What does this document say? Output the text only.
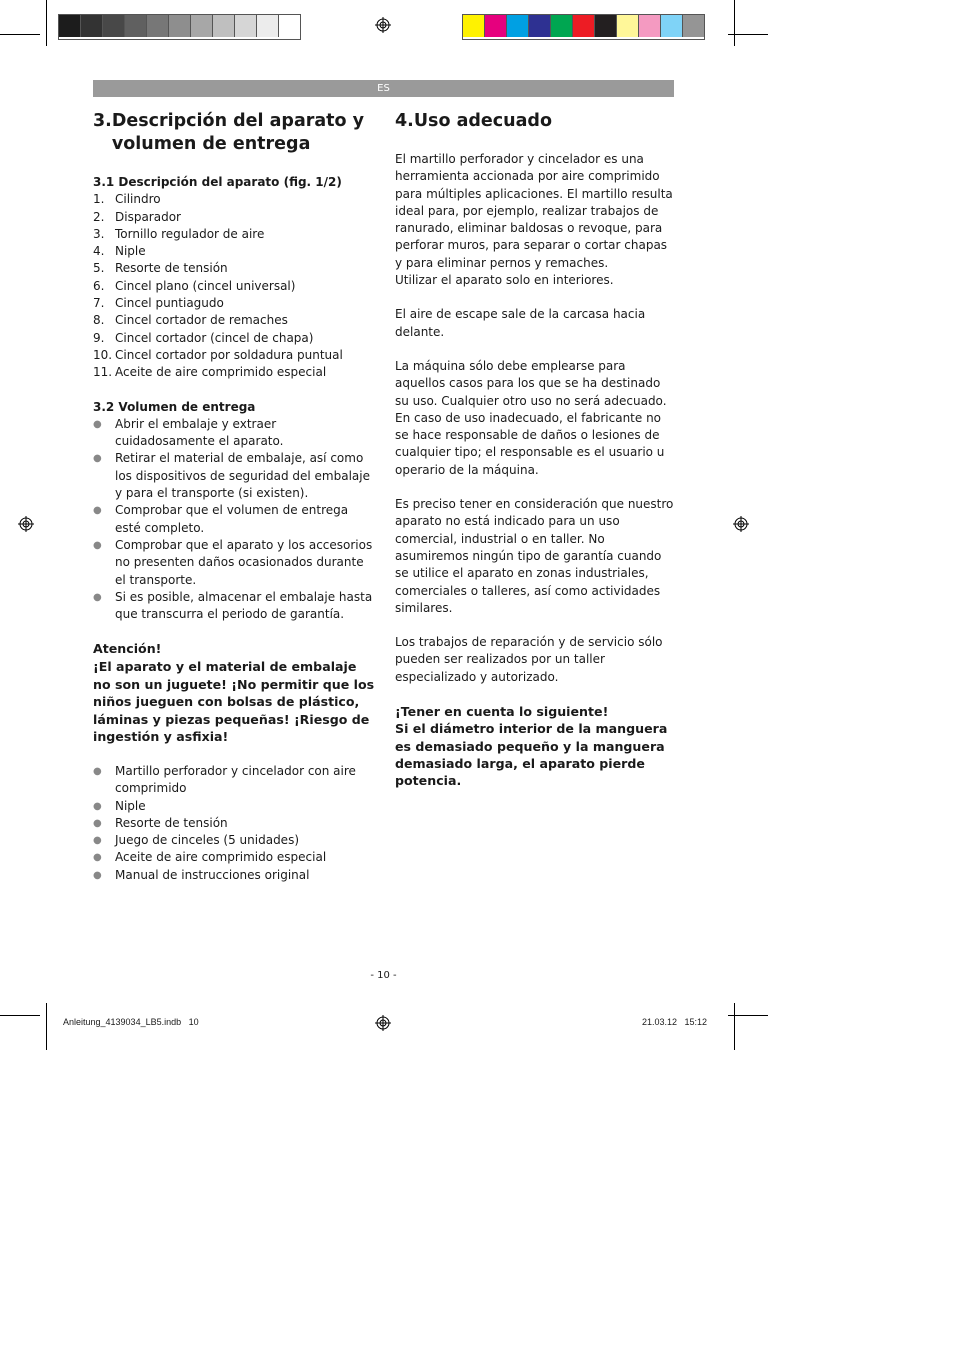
ES
3. Descripción del aparato y volumen de entrega

3.1 Descripción del aparato (fig. 1/2)

1. Cilindro
2. Disparador
3. Tornillo regulador de aire
4. Niple
5. Resorte de tensión
6. Cincel plano (cincel universal)
7. Cincel puntiagudo
8. Cincel cortador de remaches
9. Cincel cortador (cincel de chapa)
10. Cincel cortador por soldadura puntual
11. Aceite de aire comprimido especial

3.2 Volumen de entrega

●	Abrir el embalaje y extraer cuidadosamente el aparato.
●	Retirar el material de embalaje, así como los dispositivos de seguridad del embalaje y para el transporte (si existen).
●	Comprobar que el volumen de entrega esté completo.
●	Comprobar que el aparato y los accesorios no presenten daños ocasionados durante el transporte.
●	Si es posible, almacenar el embalaje hasta que transcurra el periodo de garantía.

Atención!

¡El aparato y el material de embalaje no son un juguete! ¡No permitir que los niños jueguen con bolsas de plástico, láminas y piezas pequeñas! ¡Riesgo de ingestión y asfixia!

●	Martillo perforador y cincelador con aire comprimido
●	Niple
●	Resorte de tensión
●	Juego de cinceles (5 unidades)
●	Aceite de aire comprimido especial
●	Manual de instrucciones original
4. Uso adecuado

El martillo perforador y cincelador es una herramienta accionada por aire comprimido para múltiples aplicaciones. El martillo resulta ideal para, por ejemplo, realizar trabajos de ranurado, eliminar baldosas o revoque, para perforar muros, para separar o cortar chapas y para eliminar pernos y remaches.

Utilizar el aparato solo en interiores.

El aire de escape sale de la carcasa hacia delante.

La máquina sólo debe emplearse para aquellos casos para los que se ha destinado su uso. Cualquier otro uso no será adecuado. En caso de uso inadecuado, el fabricante no se hace responsable de daños o lesiones de cualquier tipo; el responsable es el usuario u operario de la máquina.

Es preciso tener en consideración que nuestro aparato no está indicado para un uso comercial, industrial o en taller. No asumiremos ningún tipo de garantía cuando se utilice el aparato en zonas industriales, comerciales o talleres, así como actividades similares.

Los trabajos de reparación y de servicio sólo pueden ser realizados por un taller especializado y autorizado.

¡Tener en cuenta lo siguiente!

Si el diámetro interior de la manguera es demasiado pequeño y la manguera demasiado larga, el aparato pierde potencia.

- 10 -
Anleitung_4139034_LB5.indb   10	21.03.12   15:12
